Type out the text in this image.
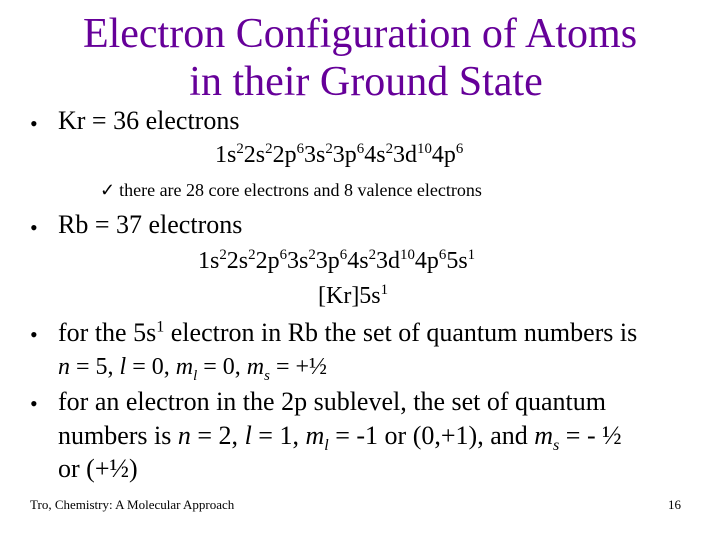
Electron Configuration of Atoms
in their Ground State
• Kr = 36 electrons
$1s^22s^22p^63s^23p^64s^23d^{10}4p^6$
✓ there are 28 core electrons and 8 valence electrons
• Rb = 37 electrons
$1s^22s^22p^63s^23p^64s^23d^{10}4p^65s^1$
$[Kr]5s^1$
• for the $5s^1$ electron in Rb the set of quantum numbers is
n = 5, l = 0, $m_l = 0$, $m_s$ = +½
• for an electron in the 2p sublevel, the set of quantum
numbers is n = 2, l = 1, $m_l = -1$ or (0,+1), and $m_s$ = - ½
or (+½)
Tro, Chemistry: A Molecular Approach	16
